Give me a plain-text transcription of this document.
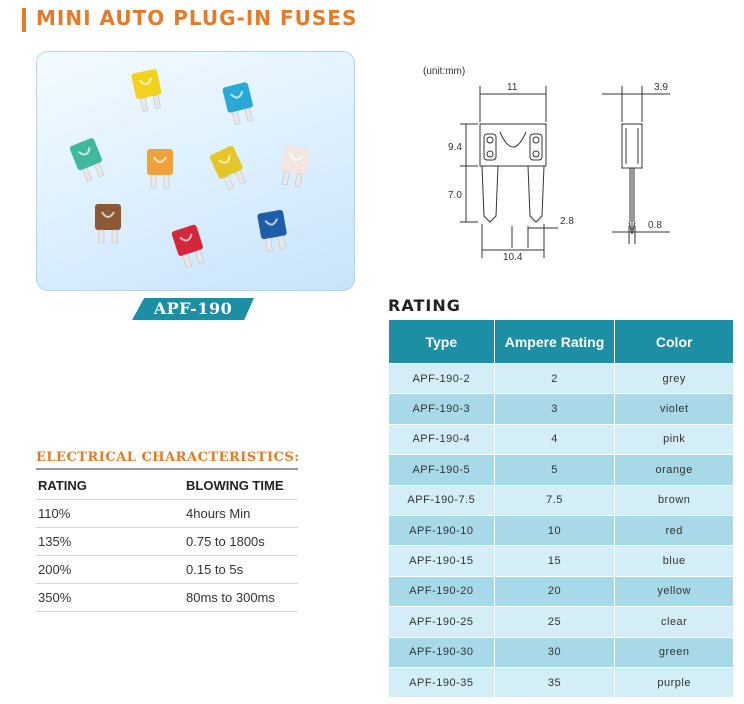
MINI AUTO PLUG-IN FUSES
APF-190
(unit:mm)
11
9.4
7.0
2.8
10.4
3.9
0.8
RATING
Type	Ampere Rating	Color
APF-190-2	2	grey
APF-190-3	3	violet
APF-190-4	4	pink
APF-190-5	5	orange
APF-190-7.5	7.5	brown
APF-190-10	10	red
APF-190-15	15	blue
APF-190-20	20	yellow
APF-190-25	25	clear
APF-190-30	30	green
APF-190-35	35	purple
ELECTRICAL CHARACTERISTICS:
RATING	BLOWING TIME
110%	4hours Min
135%	0.75 to 1800s
200%	0.15 to 5s
350%	80ms to 300ms
